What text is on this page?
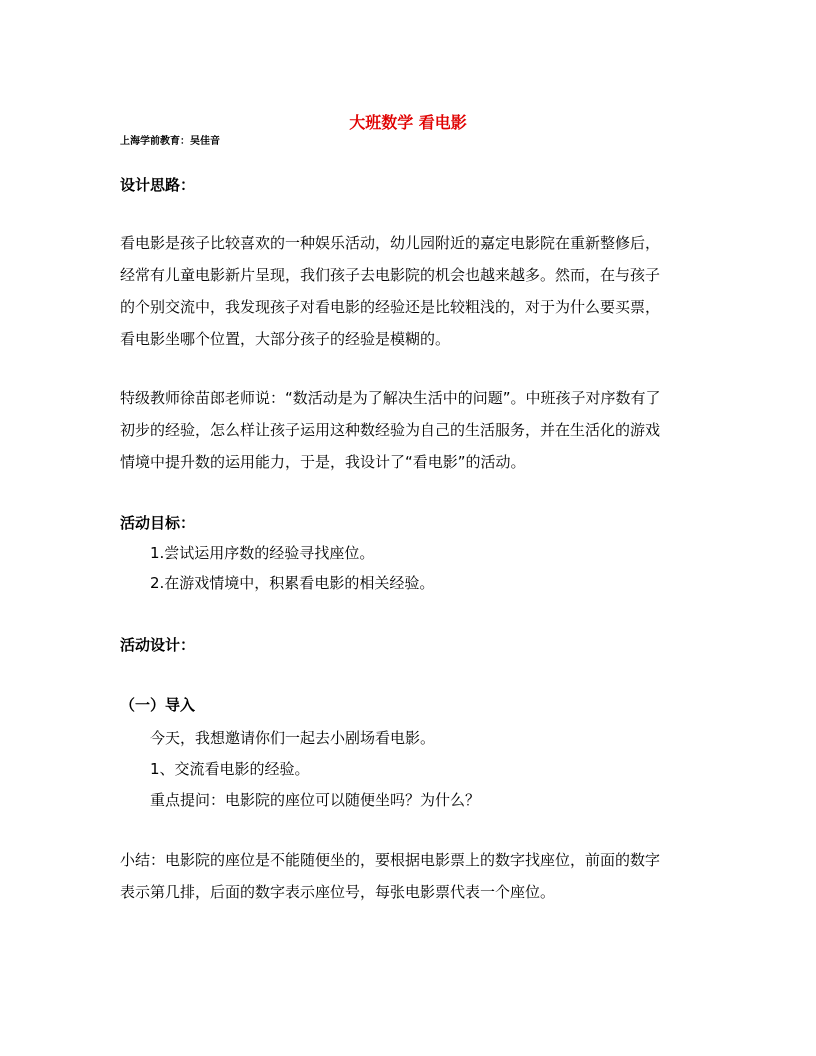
大班数学 看电影
上海学前教育：吴佳音
设计思路：
看电影是孩子比较喜欢的一种娱乐活动，幼儿园附近的嘉定电影院在重新整修后，
经常有儿童电影新片呈现，我们孩子去电影院的机会也越来越多。然而，在与孩子
的个别交流中，我发现孩子对看电影的经验还是比较粗浅的，对于为什么要买票，
看电影坐哪个位置，大部分孩子的经验是模糊的。
特级教师徐苗郎老师说：“数活动是为了解决生活中的问题”。中班孩子对序数有了
初步的经验，怎么样让孩子运用这种数经验为自己的生活服务，并在生活化的游戏
情境中提升数的运用能力，于是，我设计了“看电影”的活动。
活动目标：
1.尝试运用序数的经验寻找座位。
2.在游戏情境中，积累看电影的相关经验。
活动设计：
（一）导入
今天，我想邀请你们一起去小剧场看电影。
1、交流看电影的经验。
重点提问：电影院的座位可以随便坐吗？为什么？
小结：电影院的座位是不能随便坐的，要根据电影票上的数字找座位，前面的数字
表示第几排，后面的数字表示座位号，每张电影票代表一个座位。
